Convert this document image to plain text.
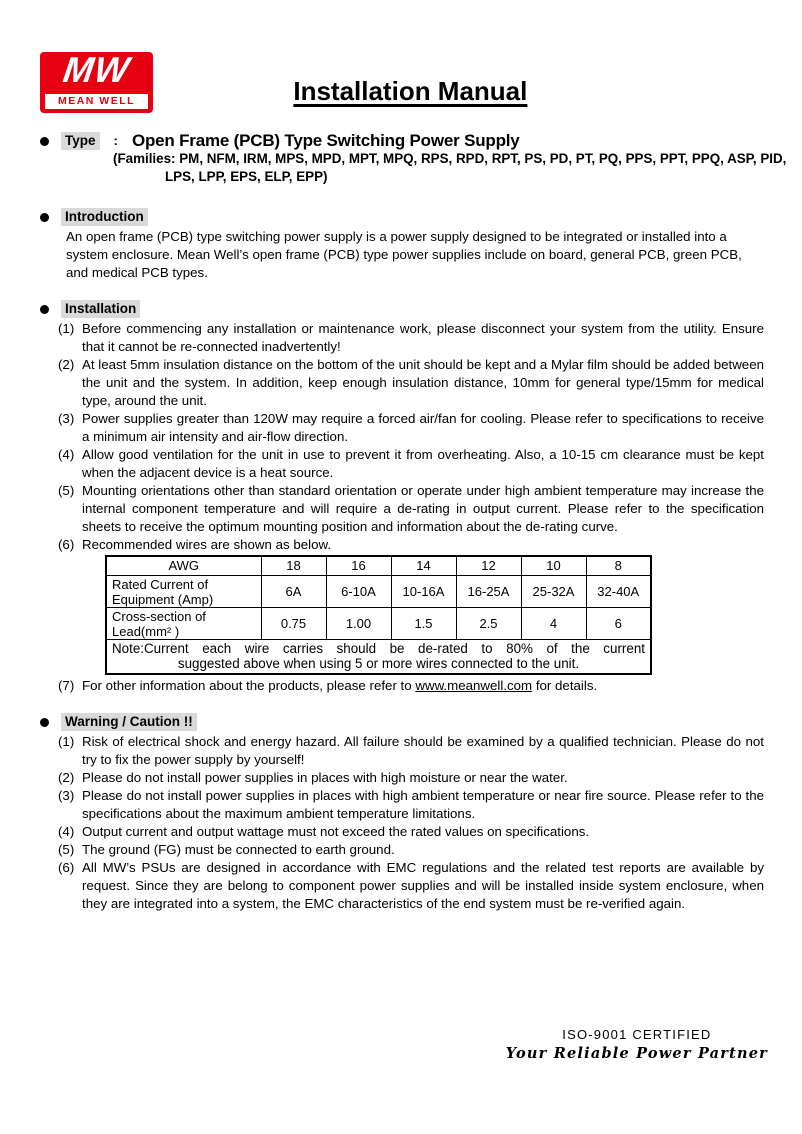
MW
MEAN WELL	Installation Manual
Type	: Open Frame (PCB) Type Switching Power Supply
(Families: PM, NFM, IRM, MPS, MPD, MPT, MPQ, RPS, RPD, RPT, PS, PD, PT, PQ, PPS, PPT, PPQ, ASP, PID,
LPS, LPP, EPS, ELP, EPP)
Introduction
An open frame (PCB) type switching power supply is a power supply designed to be integrated or installed into a system enclosure. Mean Well’s open frame (PCB) type power supplies include on board, general PCB, green PCB, and medical PCB types.
Installation
(1) Before commencing any installation or maintenance work, please disconnect your system from the utility. Ensure that it cannot be re-connected inadvertently!
(2) At least 5mm insulation distance on the bottom of the unit should be kept and a Mylar film should be added between the unit and the system. In addition, keep enough insulation distance, 10mm for general type/15mm for medical type, around the unit.
(3) Power supplies greater than 120W may require a forced air/fan for cooling. Please refer to specifications to receive a minimum air intensity and air-flow direction.
(4) Allow good ventilation for the unit in use to prevent it from overheating. Also, a 10-15 cm clearance must be kept when the adjacent device is a heat source.
(5) Mounting orientations other than standard orientation or operate under high ambient temperature may increase the internal component temperature and will require a de-rating in output current. Please refer to the specification sheets to receive the optimum mounting position and information about the de-rating curve.
(6) Recommended wires are shown as below.
AWG	18	16	14	12	10	8

Rated Current of
Equipment (Amp)	6A	6-10A	10-16A	16-25A	25-32A	32-40A

Cross-section of
Lead(mm² )	0.75	1.00	1.5	2.5	4	6

Note:Current each wire carries should be de-rated to 80% of the current
suggested above when using 5 or more wires connected to the unit.						
(7) For other information about the products, please refer to www.meanwell.com for details.
Warning / Caution !!
(1) Risk of electrical shock and energy hazard. All failure should be examined by a qualified technician. Please do not try to fix the power supply by yourself!
(2) Please do not install power supplies in places with high moisture or near the water.
(3) Please do not install power supplies in places with high ambient temperature or near fire source. Please refer to the specifications about the maximum ambient temperature limitations.
(4) Output current and output wattage must not exceed the rated values on specifications.
(5) The ground (FG) must be connected to earth ground.
(6) All MW’s PSUs are designed in accordance with EMC regulations and the related test reports are available by request. Since they are belong to component power supplies and will be installed inside system enclosure, when they are integrated into a system, the EMC characteristics of the end system must be re-verified again.
ISO-9001 CERTIFIED
Your Reliable Power Partner
